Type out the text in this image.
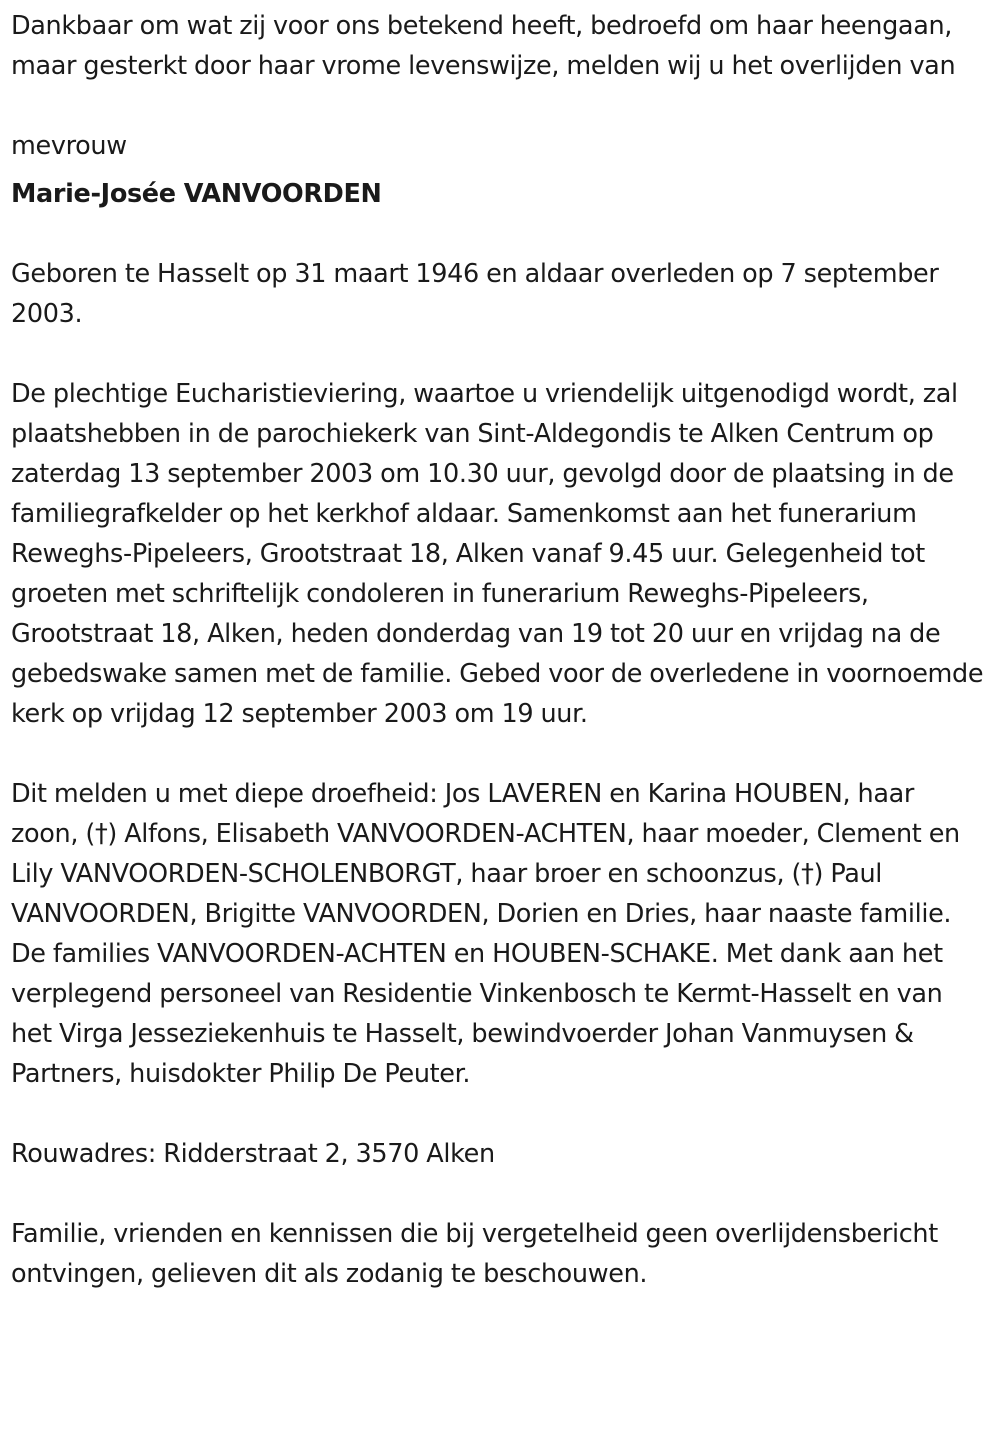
Dankbaar om wat zij voor ons betekend heeft, bedroefd om haar heengaan, maar gesterkt door haar vrome levenswijze, melden wij u het overlijden van

mevrouw

Marie-Josée VANVOORDEN

Geboren te Hasselt op 31 maart 1946 en aldaar overleden op 7 september 2003.

De plechtige Eucharistieviering, waartoe u vriendelijk uitgenodigd wordt, zal plaatshebben in de parochiekerk van Sint-Aldegondis te Alken Centrum op zaterdag 13 september 2003 om 10.30 uur, gevolgd door de plaatsing in de familiegrafkelder op het kerkhof aldaar. Samenkomst aan het funerarium Reweghs-Pipeleers, Grootstraat 18, Alken vanaf 9.45 uur. Gelegenheid tot groeten met schriftelijk condoleren in funerarium Reweghs-Pipeleers, Grootstraat 18, Alken, heden donderdag van 19 tot 20 uur en vrijdag na de gebedswake samen met de familie. Gebed voor de overledene in voornoemde kerk op vrijdag 12 september 2003 om 19 uur.

Dit melden u met diepe droefheid: Jos LAVEREN en Karina HOUBEN, haar zoon, (†) Alfons, Elisabeth VANVOORDEN-ACHTEN, haar moeder, Clement en Lily VANVOORDEN-SCHOLENBORGT, haar broer en schoonzus, (†) Paul VANVOORDEN, Brigitte VANVOORDEN, Dorien en Dries, haar naaste familie. De families VANVOORDEN-ACHTEN en HOUBEN-SCHAKE. Met dank aan het verplegend personeel van Residentie Vinkenbosch te Kermt-Hasselt en van het Virga Jesseziekenhuis te Hasselt, bewindvoerder Johan Vanmuysen & Partners, huisdokter Philip De Peuter.

Rouwadres: Ridderstraat 2, 3570 Alken

Familie, vrienden en kennissen die bij vergetelheid geen overlijdensbericht ontvingen, gelieven dit als zodanig te beschouwen.
